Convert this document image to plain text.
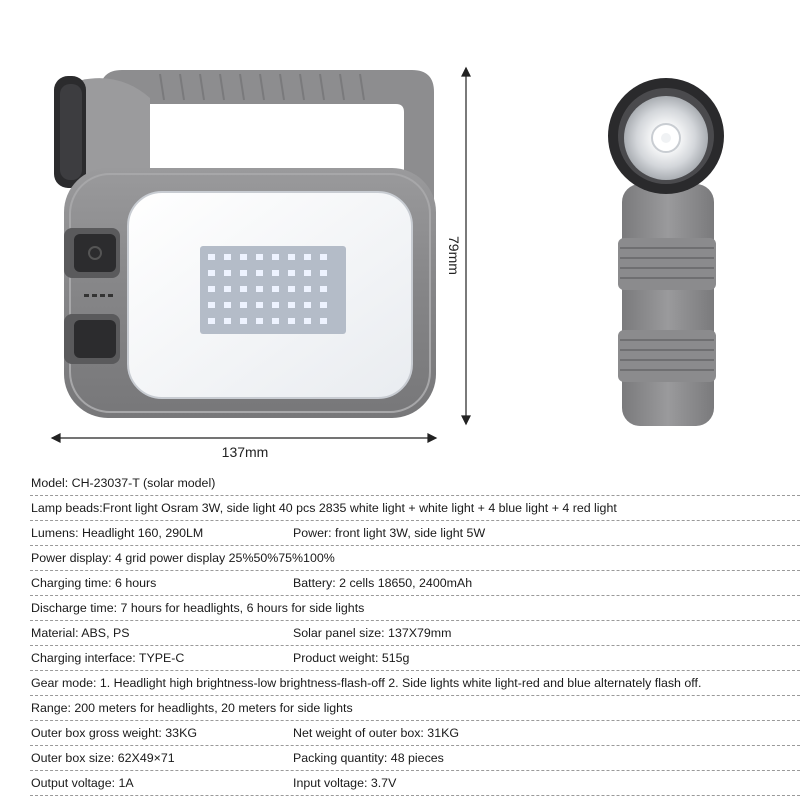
137mm
79mm
Model: CH-23037-T (solar model)
Lamp beads:Front light Osram 3W, side light 40 pcs 2835 white light + white light + 4 blue light + 4 red light
Lumens: Headlight 160, 290LM	Power: front light 3W, side light 5W
Power display: 4 grid power display 25%50%75%100%
Charging time: 6 hours	Battery: 2 cells 18650, 2400mAh
Discharge time: 7 hours for headlights, 6 hours for side lights
Material: ABS, PS	Solar panel size: 137X79mm
Charging interface: TYPE-C	Product weight: 515g
Gear mode: 1. Headlight high brightness-low brightness-flash-off 2. Side lights white light-red and blue alternately flash off.
Range: 200 meters for headlights, 20 meters for side lights
Outer box gross weight: 33KG	Net weight of outer box: 31KG
Outer box size: 62X49×71	Packing quantity: 48 pieces
Output voltage: 1A	Input voltage: 3.7V
